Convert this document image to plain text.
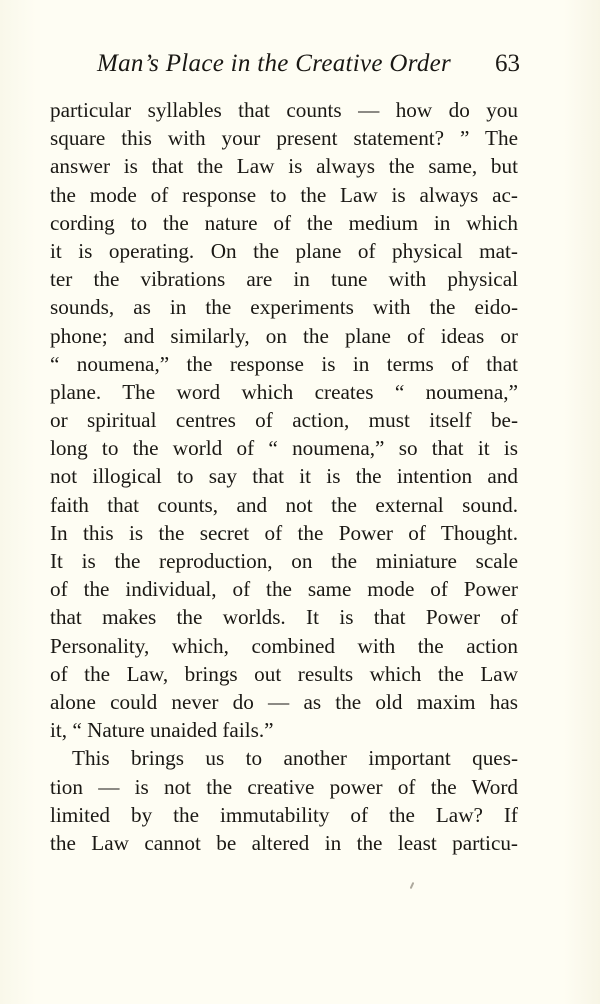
Man’s Place in the Creative Order 63
particular syllables that counts — how do you
square this with your present statement? ” The
answer is that the Law is always the same, but
the mode of response to the Law is always ac-
cording to the nature of the medium in which
it is operating. On the plane of physical mat-
ter the vibrations are in tune with physical
sounds, as in the experiments with the eido-
phone; and similarly, on the plane of ideas or
“ noumena,” the response is in terms of that
plane. The word which creates “ noumena,”
or spiritual centres of action, must itself be-
long to the world of “ noumena,” so that it is
not illogical to say that it is the intention and
faith that counts, and not the external sound.
In this is the secret of the Power of Thought.
It is the reproduction, on the miniature scale
of the individual, of the same mode of Power
that makes the worlds. It is that Power of
Personality, which, combined with the action
of the Law, brings out results which the Law
alone could never do — as the old maxim has
it, “ Nature unaided fails.”
This brings us to another important ques-
tion — is not the creative power of the Word
limited by the immutability of the Law? If
the Law cannot be altered in the least particu-
